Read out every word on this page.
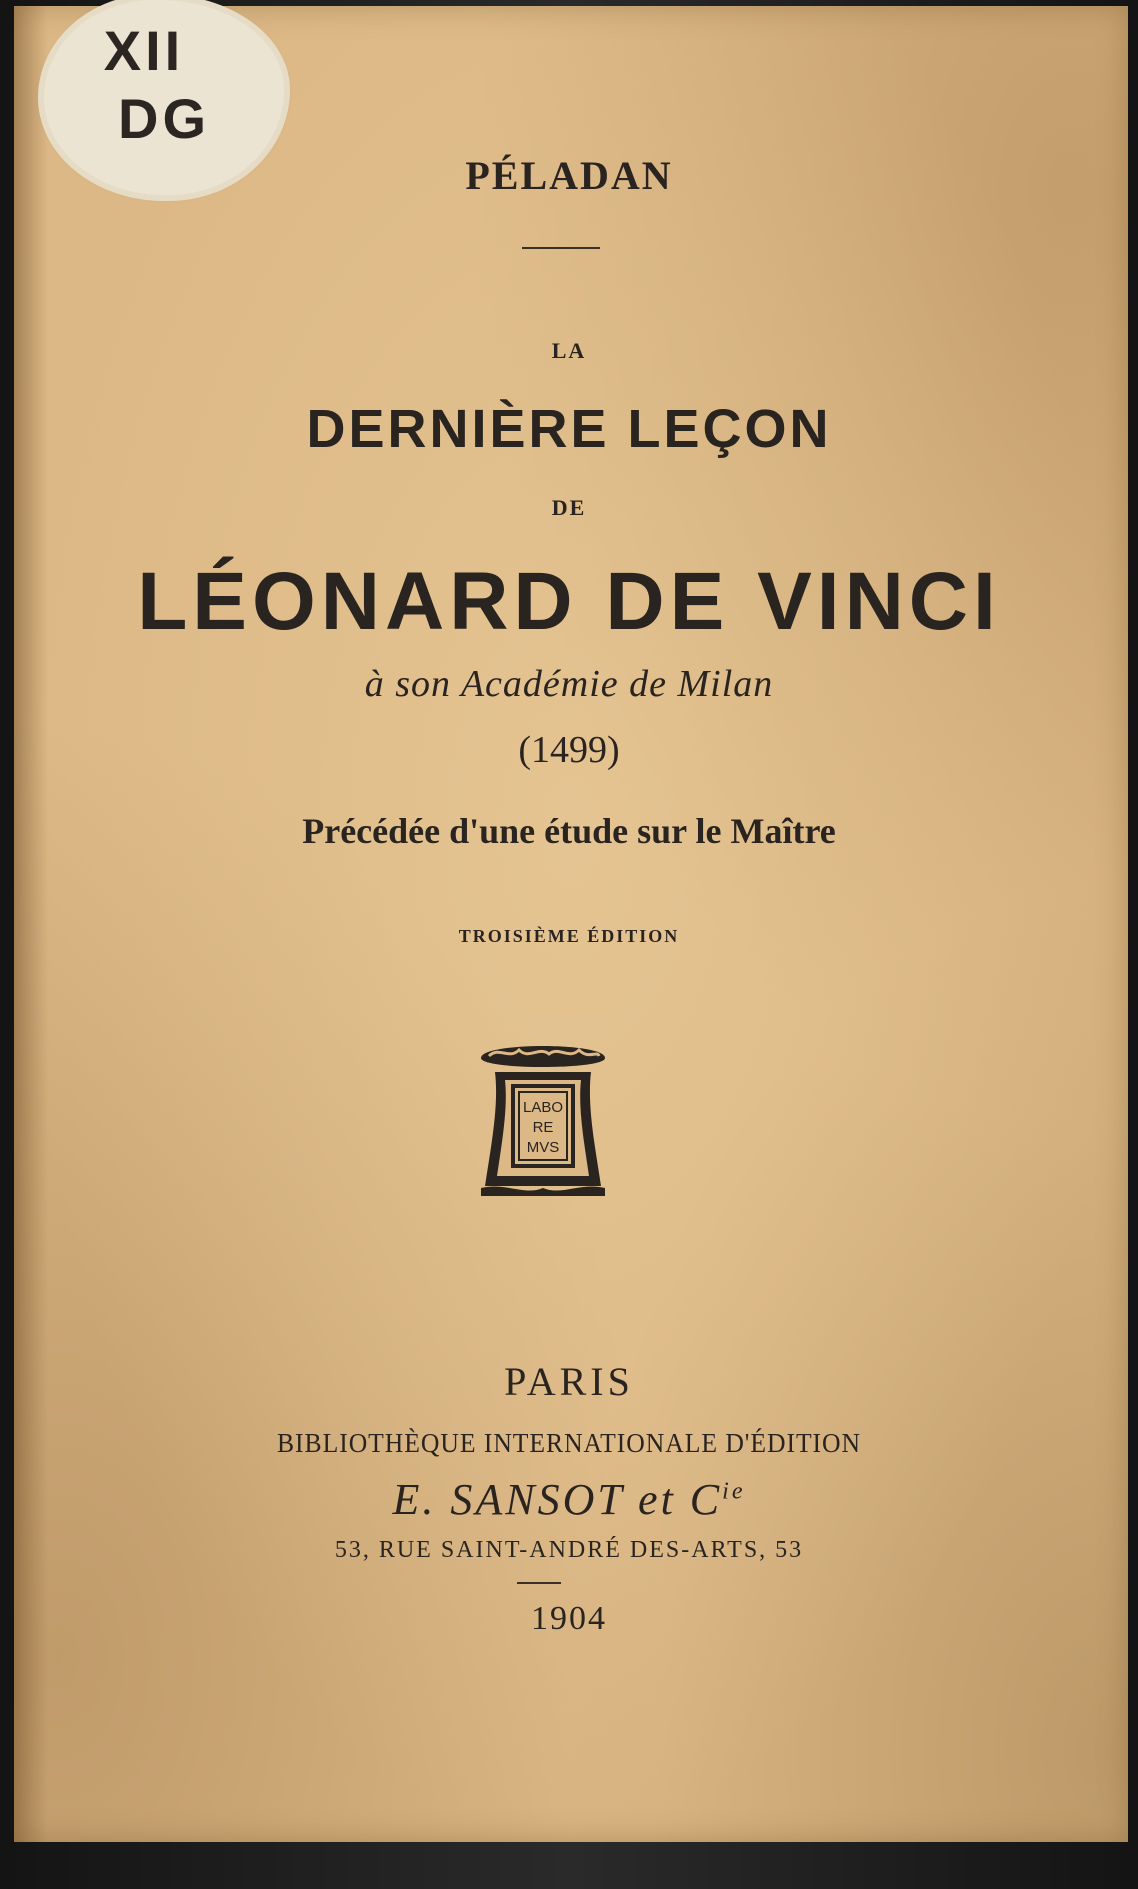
XII
DG
PÉLADAN
LA
DERNIÈRE LEÇON
DE
LÉONARD DE VINCI
à son Académie de Milan
(1499)
Précédée d'une étude sur le Maître
TROISIÈME ÉDITION
LABO
RE
MVS
PARIS
BIBLIOTHÈQUE INTERNATIONALE D'ÉDITION
E. SANSOT et $C^{ie}$
53, RUE SAINT-ANDRÉ DES-ARTS, 53
1904
